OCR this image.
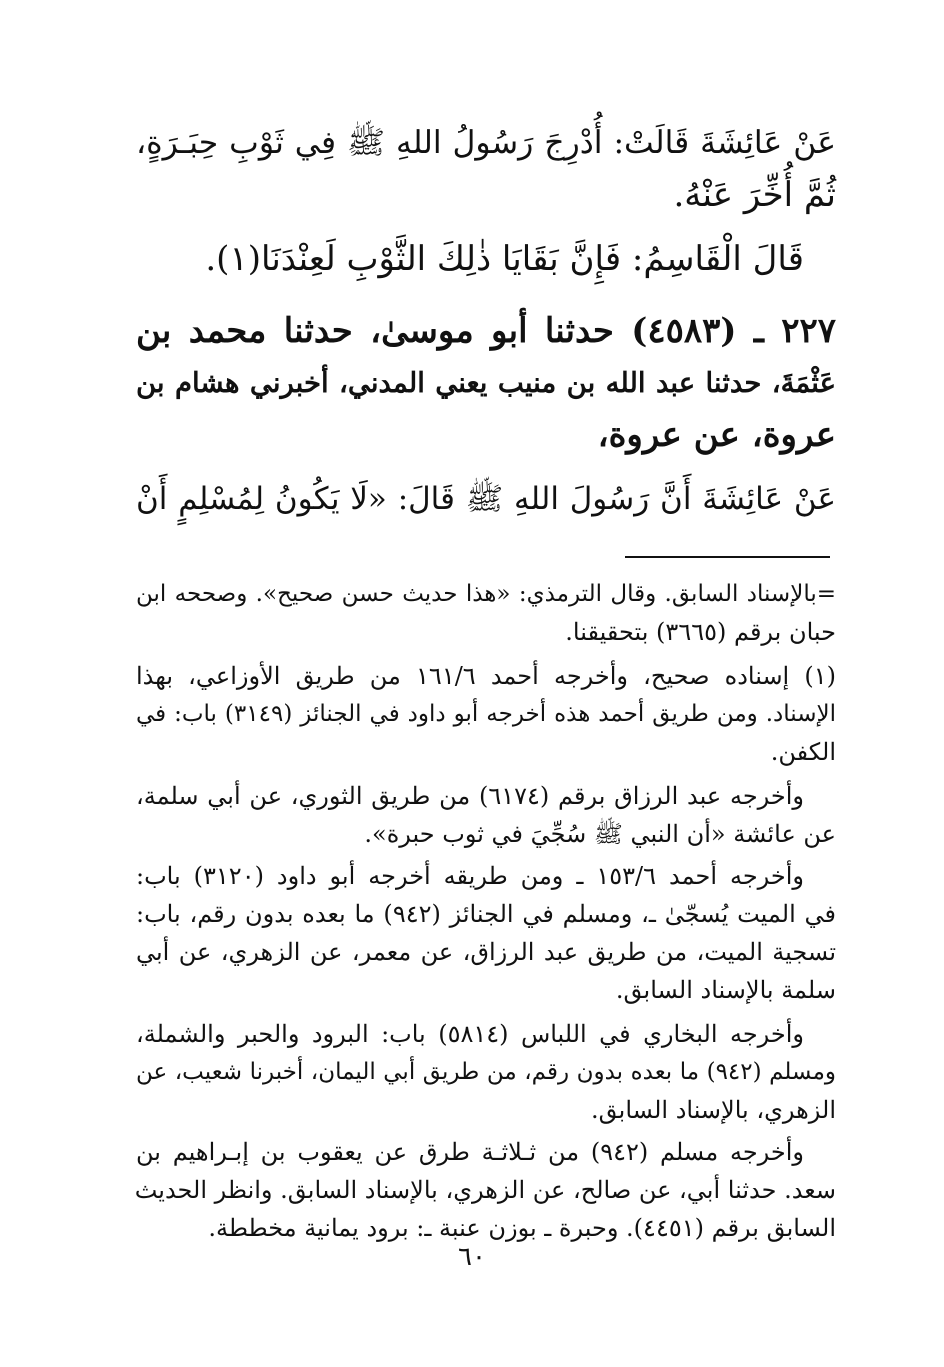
عَنْ عَائِشَةَ قَالَتْ: أُدْرِجَ رَسُولُ اللهِ ﷺ فِي ثَوْبِ حِبَـرَةٍ،
ثُمَّ أُخِّرَ عَنْهُ.
قَالَ الْقَاسِمُ: فَإِنَّ بَقَايَا ذٰلِكَ الثَّوْبِ لَعِنْدَنَا(١).
٢٢٧ ـ (٤٥٨٣) حدثنا أبو موسىٰ، حدثنا محمد بن
عَثْمَةَ، حدثنا عبد الله بن منيب يعني المدني، أخبرني هشام بن
عروة، عن عروة،
عَنْ عَائِشَةَ أَنَّ رَسُولَ اللهِ ﷺ قَالَ: «لَا يَكُونُ لِمُسْلِمٍ أَنْ
=بالإسناد السابق. وقال الترمذي: «هذا حديث حسن صحيح». وصححه ابن
حبان برقم (٣٦٦٥) بتحقيقنا.
(١) إسناده صحيح، وأخرجه أحمد ١٦١/٦ من طريق الأوزاعي، بهذا
الإسناد. ومن طريق أحمد هذه أخرجه أبو داود في الجنائز (٣١٤٩) باب: في
الكفن.
وأخرجه عبد الرزاق برقم (٦١٧٤) من طريق الثوري، عن أبي سلمة،
عن عائشة «أن النبي ﷺ سُجِّيَ في ثوب حبرة».
وأخرجه أحمد ١٥٣/٦ ـ ومن طريقه أخرجه أبو داود (٣١٢٠) باب:
في الميت يُسجّىٰ ـ، ومسلم في الجنائز (٩٤٢) ما بعده بدون رقم، باب:
تسجية الميت، من طريق عبد الرزاق، عن معمر، عن الزهري، عن أبي
سلمة بالإسناد السابق.
وأخرجه البخاري في اللباس (٥٨١٤) باب: البرود والحبر والشملة،
ومسلم (٩٤٢) ما بعده بدون رقم، من طريق أبي اليمان، أخبرنا شعيب، عن
الزهري، بالإسناد السابق.
وأخرجه مسلم (٩٤٢) من ثـلاثـة طرق عن يعقوب بن إبـراهيم بن
سعد. حدثنا أبي، عن صالح، عن الزهري، بالإسناد السابق. وانظر الحديث
السابق برقم (٤٤٥١). وحبرة ـ بوزن عنبة ـ: برود يمانية مخططة.
٦٠
